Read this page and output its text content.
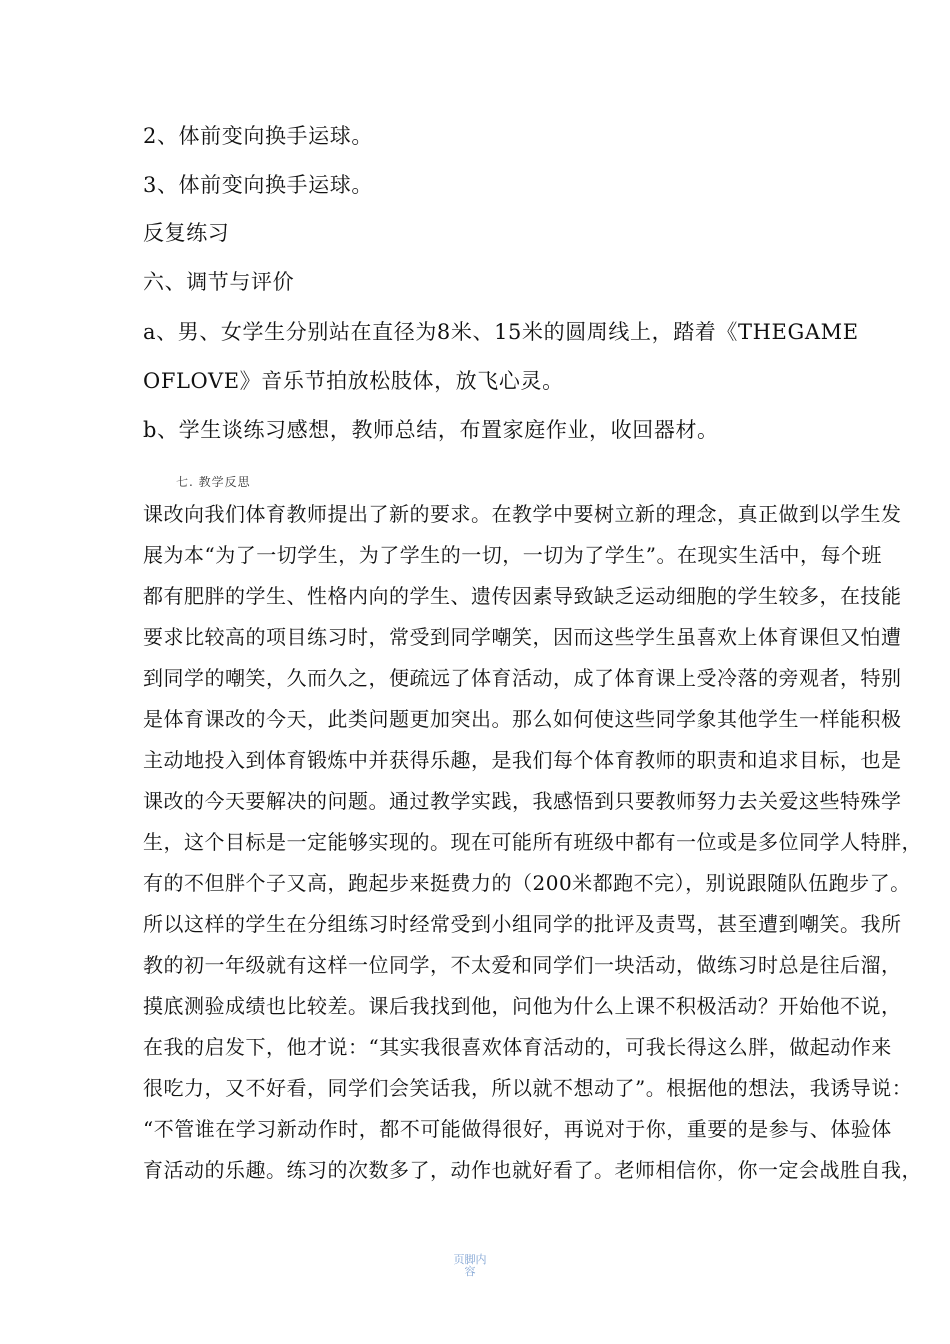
2、体前变向换手运球。
3、体前变向换手运球。
反复练习
六、调节与评价
a、男、女学生分别站在直径为8米、15米的圆周线上，踏着《THEGAME
OFLOVE》音乐节拍放松肢体，放飞心灵。
b、学生谈练习感想，教师总结，布置家庭作业，收回器材。
七. 教学反思
课改向我们体育教师提出了新的要求。在教学中要树立新的理念，真正做到以学生发
展为本“为了一切学生，为了学生的一切，一切为了学生”。在现实生活中，每个班
都有肥胖的学生、性格内向的学生、遗传因素导致缺乏运动细胞的学生较多，在技能
要求比较高的项目练习时，常受到同学嘲笑，因而这些学生虽喜欢上体育课但又怕遭
到同学的嘲笑，久而久之，便疏远了体育活动，成了体育课上受冷落的旁观者，特别
是体育课改的今天，此类问题更加突出。那么如何使这些同学象其他学生一样能积极
主动地投入到体育锻炼中并获得乐趣，是我们每个体育教师的职责和追求目标，也是
课改的今天要解决的问题。通过教学实践，我感悟到只要教师努力去关爱这些特殊学
生，这个目标是一定能够实现的。现在可能所有班级中都有一位或是多位同学人特胖，
有的不但胖个子又高，跑起步来挺费力的（200米都跑不完），别说跟随队伍跑步了。
所以这样的学生在分组练习时经常受到小组同学的批评及责骂，甚至遭到嘲笑。我所
教的初一年级就有这样一位同学，不太爱和同学们一块活动，做练习时总是往后溜，
摸底测验成绩也比较差。课后我找到他，问他为什么上课不积极活动？开始他不说，
在我的启发下，他才说：“其实我很喜欢体育活动的，可我长得这么胖，做起动作来
很吃力，又不好看，同学们会笑话我，所以就不想动了”。根据他的想法，我诱导说：
“不管谁在学习新动作时，都不可能做得很好，再说对于你，重要的是参与、体验体
育活动的乐趣。练习的次数多了，动作也就好看了。老师相信你，你一定会战胜自我，
页脚内容
